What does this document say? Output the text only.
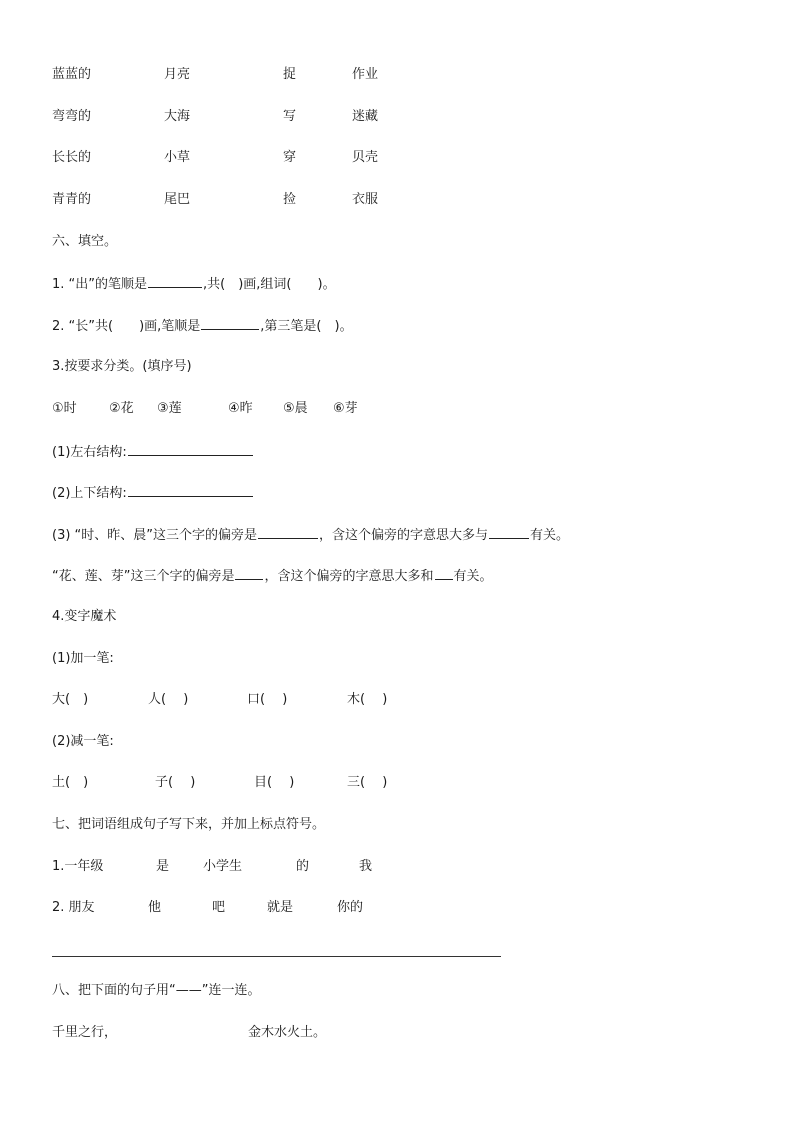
蓝蓝的	月亮	捉	作业
弯弯的	大海	写	迷藏
长长的	小草	穿	贝壳
青青的	尾巴	捡	衣服
六、填空。
1. “出”的笔顺是	,共(　)画,组词(　　)。
2. “长”共(　　)画,笔顺是	,第三笔是(　)。
3.按要求分类。(填序号)
①时 ②花 ③莲	④昨 ⑤晨 ⑥芽
(1)左右结构:
(2)上下结构:
(3) “时、昨、晨”这三个字的偏旁是	，含这个偏旁的字意思大多与	有关。
“花、莲、芽”这三个字的偏旁是 ，含这个偏旁的字意思大多和 有关。
4.变字魔术
(1)加一笔:
大(　)	人(　 )	口(　 )	木(　 )
(2)减一笔:
土(　)	子(　 )	目(　 )	三(　 )
七、把词语组成句子写下来，并加上标点符号。
1.一年级	是	小学生	的	我
2. 朋友	他	吧	就是	你的
八、把下面的句子用“——”连一连。
千里之行，	金木水火土。
